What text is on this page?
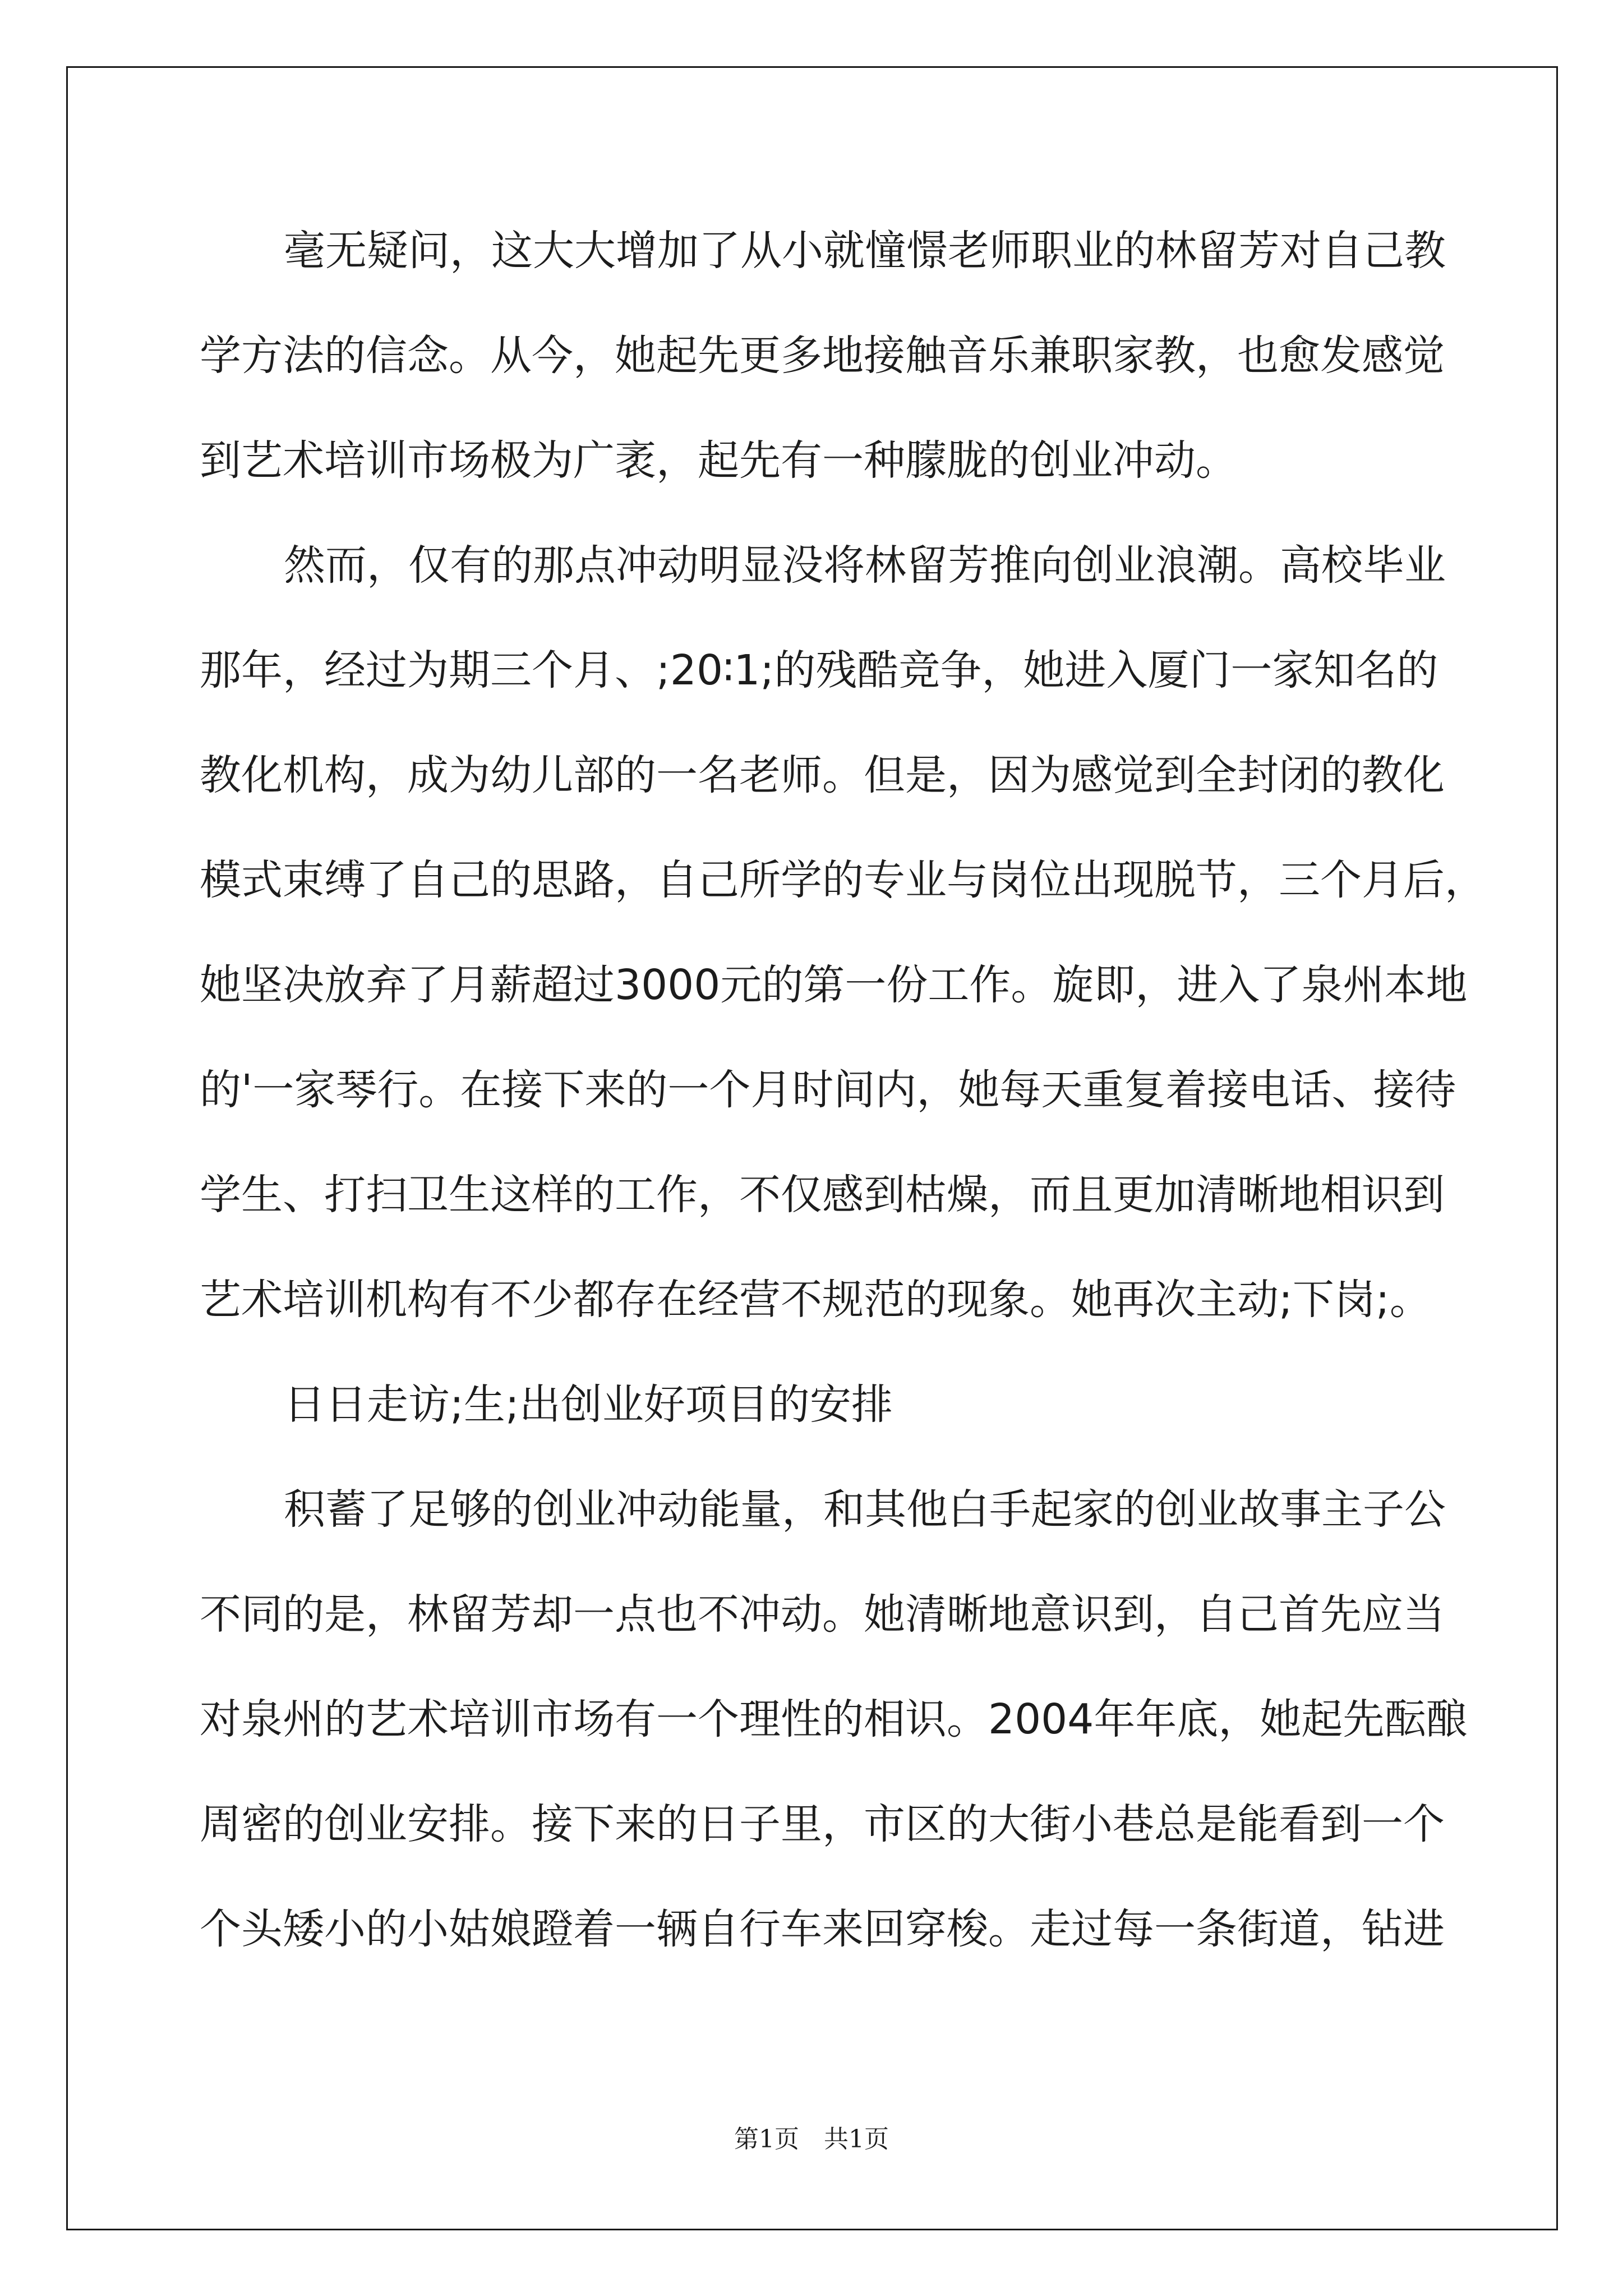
毫无疑问，这大大增加了从小就憧憬老师职业的林留芳对自己教
学方法的信念。从今，她起先更多地接触音乐兼职家教，也愈发感觉
到艺术培训市场极为广袤，起先有一种朦胧的创业冲动。
然而，仅有的那点冲动明显没将林留芳推向创业浪潮。高校毕业
那年，经过为期三个月、;20∶1;的残酷竞争，她进入厦门一家知名的
教化机构，成为幼儿部的一名老师。但是，因为感觉到全封闭的教化
模式束缚了自己的思路，自己所学的专业与岗位出现脱节，三个月后，
她坚决放弃了月薪超过3000元的第一份工作。旋即，进入了泉州本地
的'一家琴行。在接下来的一个月时间内，她每天重复着接电话、接待
学生、打扫卫生这样的工作，不仅感到枯燥，而且更加清晰地相识到
艺术培训机构有不少都存在经营不规范的现象。她再次主动;下岗;。
日日走访;生;出创业好项目的安排
积蓄了足够的创业冲动能量，和其他白手起家的创业故事主子公
不同的是，林留芳却一点也不冲动。她清晰地意识到，自己首先应当
对泉州的艺术培训市场有一个理性的相识。2004年年底，她起先酝酿
周密的创业安排。接下来的日子里，市区的大街小巷总是能看到一个
个头矮小的小姑娘蹬着一辆自行车来回穿梭。走过每一条街道，钻进
第1页　共1页
